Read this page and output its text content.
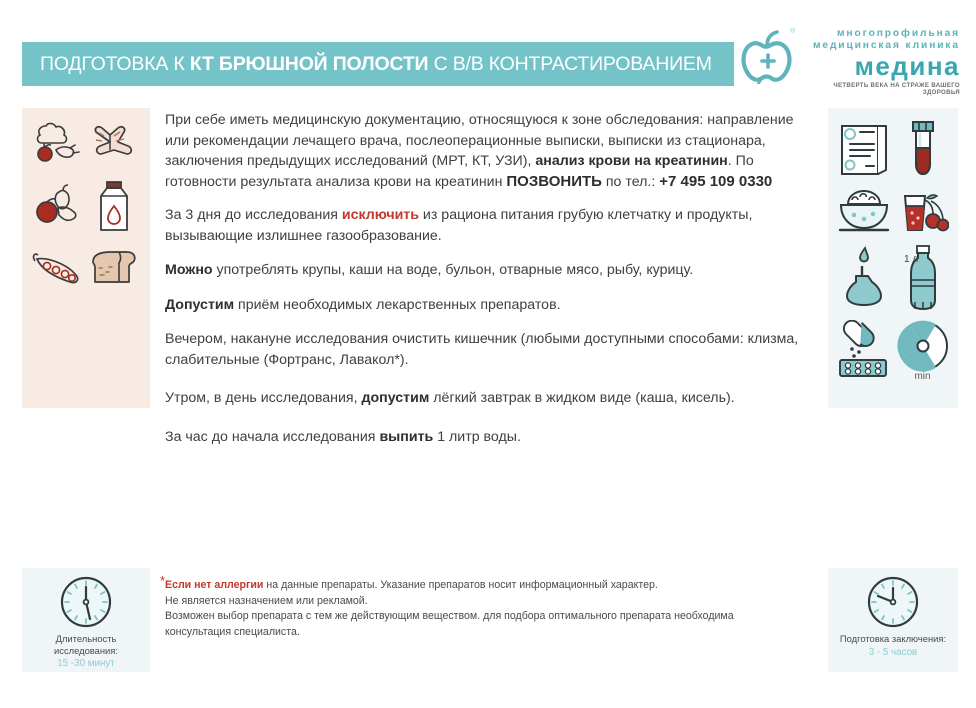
ПОДГОТОВКА К КТ БРЮШНОЙ ПОЛОСТИ С В/В КОНТРАСТИРОВАНИЕМ
®	многопрофильная
медицинская клиника
медина
ЧЕТВЕРТЬ ВЕКА НА СТРАЖЕ ВАШЕГО ЗДОРОВЬЯ
min
1 л
При себе иметь медицинскую документацию, относящуюся к зоне обследования: направление или рекомендации лечащего врача, послеоперационные выписки, выписки из стационара, заключения предыдущих исследований (МРТ, КТ, УЗИ), анализ крови на креатинин. По готовности результата анализа крови на креатинин ПОЗВОНИТЬ по тел.: +7 495 109 0330
За 3 дня до исследования исключить из рациона питания грубую клетчатку и продукты, вызывающие излишнее газообразование.
Можно употреблять крупы, каши на воде, бульон, отварные мясо, рыбу, курицу.
Допустим приём необходимых лекарственных препаратов.
Вечером, накануне исследования очистить кишечник (любыми доступными способами: клизма, слабительные (Фортранс, Лавакол*).
Утром, в день исследования, допустим лёгкий завтрак в жидком виде (каша, кисель).
За час до начала исследования выпить 1 литр воды.
* Если нет аллергии на данные препараты. Указание препаратов носит информационный характер.
Не является назначением или рекламой.
Возможен выбор препарата с тем же действующим веществом. для подбора оптимального препарата необходима
консультация специалиста.
Длительность
исследования:
15 -30 минут
Подготовка заключения:
3 - 5 часов
